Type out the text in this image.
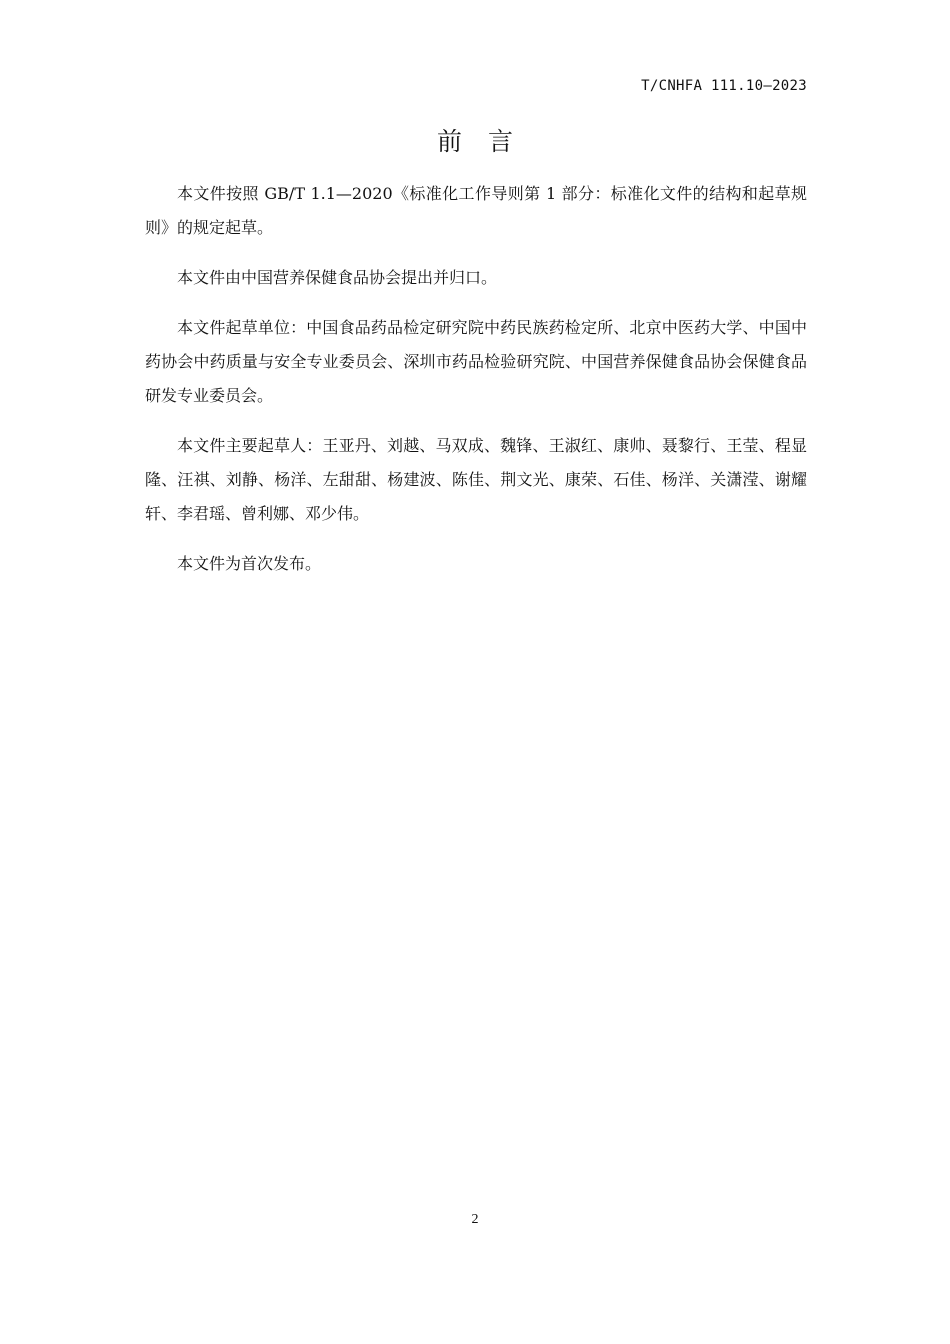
T/CNHFA 111.10—2023
前言

本文件按照 GB/T 1.1—2020《标准化工作导则第 1 部分：标准化文件的结构和起草规则》的规定起草。

本文件由中国营养保健食品协会提出并归口。

本文件起草单位：中国食品药品检定研究院中药民族药检定所、北京中医药大学、中国中药协会中药质量与安全专业委员会、深圳市药品检验研究院、中国营养保健食品协会保健食品研发专业委员会。

本文件主要起草人：王亚丹、刘越、马双成、魏锋、王淑红、康帅、聂黎行、王莹、程显隆、汪祺、刘静、杨洋、左甜甜、杨建波、陈佳、荆文光、康荣、石佳、杨洋、关潇滢、谢耀轩、李君瑶、曾利娜、邓少伟。

本文件为首次发布。

2
